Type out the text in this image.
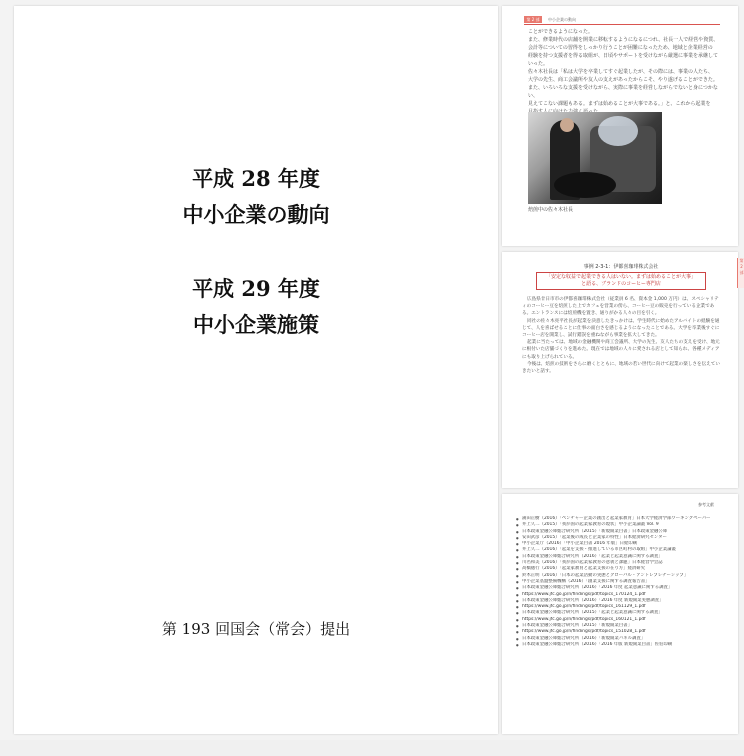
平成 28 年度
中小企業の動向
平成 29 年度
中小企業施策
第 193 回国会（常会）提出
第 2 部	中小企業の動向
ことができるようになった。
また、修業時代の店舗を開業に移転するようになるにつれ、社長一人で経営や資質、
会計等についての習得をしっかり行うことが困難になったため、地域と企業経営の
経験を持つ支援者を得る取組が、日頃やサポートを受けながら厳選に事業を承継していった。
佐々木社長は「私は大学を卒業してすぐ起業したが、その際には、事業の人たち、
大学の先生、商工会議所や友人の支えがあったからこそ、やり遂げることができた。
また、いろいろな支援を受けながら、実際に事業を経営しながらでないと身につかない、
見えてこない課題もある。まずは始めることが大事である。」と、これから起業を
焙煎中の佐々木社長
事例 2-3-1：伊都喜珈琲株式会社
「安定な収益で起業できる人はいない。まずは始めることが大事」
と語る、ブランドのコーヒー専門店
広島県廿日市市の伊都喜珈琲株式会社（従業員 6 名、資本金 1,000 万円）は、スペシャリティのコーヒー豆を焙煎した上でカフェを営業の傍ら、コーヒー豆の販売を行っている企業である。エントランスには焙煎機を置き、通りがかる人々の目を引く。
同社の佐々木亮平社長が起業を決意したきっかけは、学生時代に始めたアルバイトの経験を通じて、人を喜ばせることに仕事の面白さを感じるようになったことである。大学を卒業後すぐにコーヒー店を開業し、試行錯誤を重ねながら事業を拡大してきた。
起業に当たっては、地域の金融機関や商工会議所、大学の先生、友人たちの支えを受け、地元に根付いた店舗づくりを進めた。現在では地域の人々に愛される店として知られ、各種メディアにも取り上げられている。
今後は、焙煎の技術をさらに磨くとともに、地域の若い世代に向けて起業の楽しさを伝えていきたいと話す。
第 2 部
参考文献
● 蒲田正樹（2016）「ベンチャー企業の創出と起業家教育」日本大学経済学部ワーキングペーパー
● 井上久二（2015）「我が国の起業家教育の現状」中小企業論叢 Vol. 9
● 日本政策金融公庫総合研究所（2015）「新規開業白書」日本政策金融公庫
● 安田武彦（2015）「起業後の成長と企業家の特性」日本経済研究センター
● 中小企業庁（2016）「中小企業白書 2016 年版」日経印刷
● 井上久二（2016）「起業を支援・推進している市区町村の取組」中小企業論叢
● 日本政策金融公庫総合研究所（2016）「起業と起業意識に関する調査」
● 川名和美（2016）「我が国の起業家教育の意義と課題」日本経営学会誌
● 高橋徳行（2016）「起業家教育と起業支援の在り方」経済研究
● 鈴木正明（2016）「日本の起業活動の実態とグローバル・アントレプレナーシップ」
● 中小企業基盤整備機構（2016）「創業支援に関する調査報告書」
● 日本政策金融公庫総合研究所（2016）「2016 年度 起業意識に関する調査」
● https://www.jfc.go.jp/n/findings/pdf/topics_170124_1.pdf
● 日本政策金融公庫総合研究所（2016）「2016 年度 新規開業実態調査」
● https://www.jfc.go.jp/n/findings/pdf/topics_161129_1.pdf
● 日本政策金融公庫総合研究所（2015）「起業と起業意識に関する調査」
● https://www.jfc.go.jp/n/findings/pdf/topics_160121_1.pdf
● 日本政策金融公庫総合研究所（2015）「新規開業白書」
● https://www.jfc.go.jp/n/findings/pdf/topics_151028_1.pdf
● 日本政策金融公庫総合研究所（2016）「新規開業パネル調査」
● 日本政策金融公庫総合研究所（2016）「2016 年版 新規開業白書」佐伯印刷
